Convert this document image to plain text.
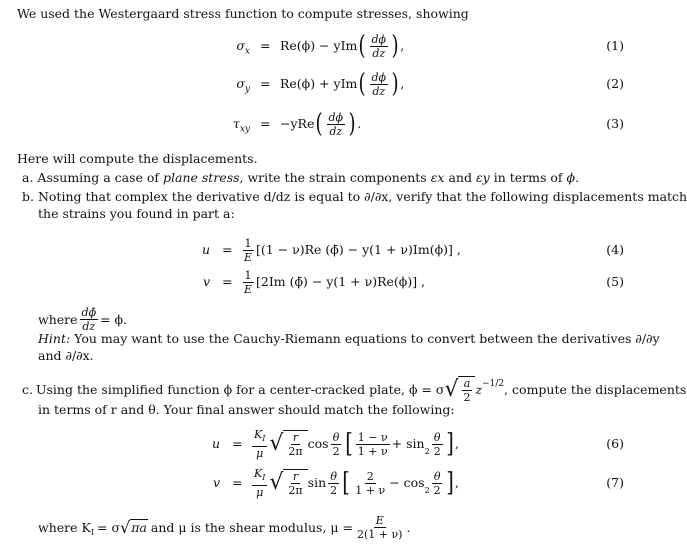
We used the Westergaard stress function to compute stresses, showing
$\sigma_x = Re(\phi)$ − yIm ( $\frac{d\phi}{dz}$ ) ,	(1)
$\sigma_y = Re(\phi)$ + yIm ( $\frac{d\phi}{dz}$ ) ,	(2)
$\tau_{xy} = -yRe$ ( $\frac{d\phi}{dz}$ ) .	(3)
Here will compute the displacements.
a. Assuming a case of plane stress, write the strain components εx and εy in terms of ϕ.
b. Noting that complex the derivative d/dz is equal to ∂/∂x, verify that the following displacements match
the strains you found in part a:
$u = \frac{1}{E} [(1 - \nu)Re$ (ϕ̄) − y(1 + ν)Im(ϕ)] ,	(4)
$v = \frac{1}{E} [2Im$ (ϕ̄) − y(1 + ν)Re(ϕ)] ,	(5)
where $\frac{d\phī}{dz} = \phi$.
Hint: You may want to use the Cauchy-Riemann equations to convert between the derivatives ∂/∂y
and ∂/∂x.
c. Using the simplified function ϕ for a center-cracked plate, ϕ = σ √ $\frac{a}{2} z^{-1/2}$ , compute the displacements
in terms of r and θ. Your final answer should match the following:
$u = \frac{K_I}{\mu}$ √ $\frac{r}{2\pi}$ $\cos \frac{\theta}{2}$ [ $\frac{1 - \nu}{1 + \nu} + \sin$
$_2 \frac{\theta}{2}$ ] ,	(6)
$v = \frac{K_I}{\mu}$ √ $\frac{r}{2\pi}$ $\sin \frac{\theta}{2}$ [ $\frac{2}{1 + \nu} - \cos$
$_2 \frac{\theta}{2}$ ] ,	(7)
where $K_I = \sigma$ √ πa and μ is the shear modulus, $\mu = \frac{E}{2(1 + \nu)}$ .
